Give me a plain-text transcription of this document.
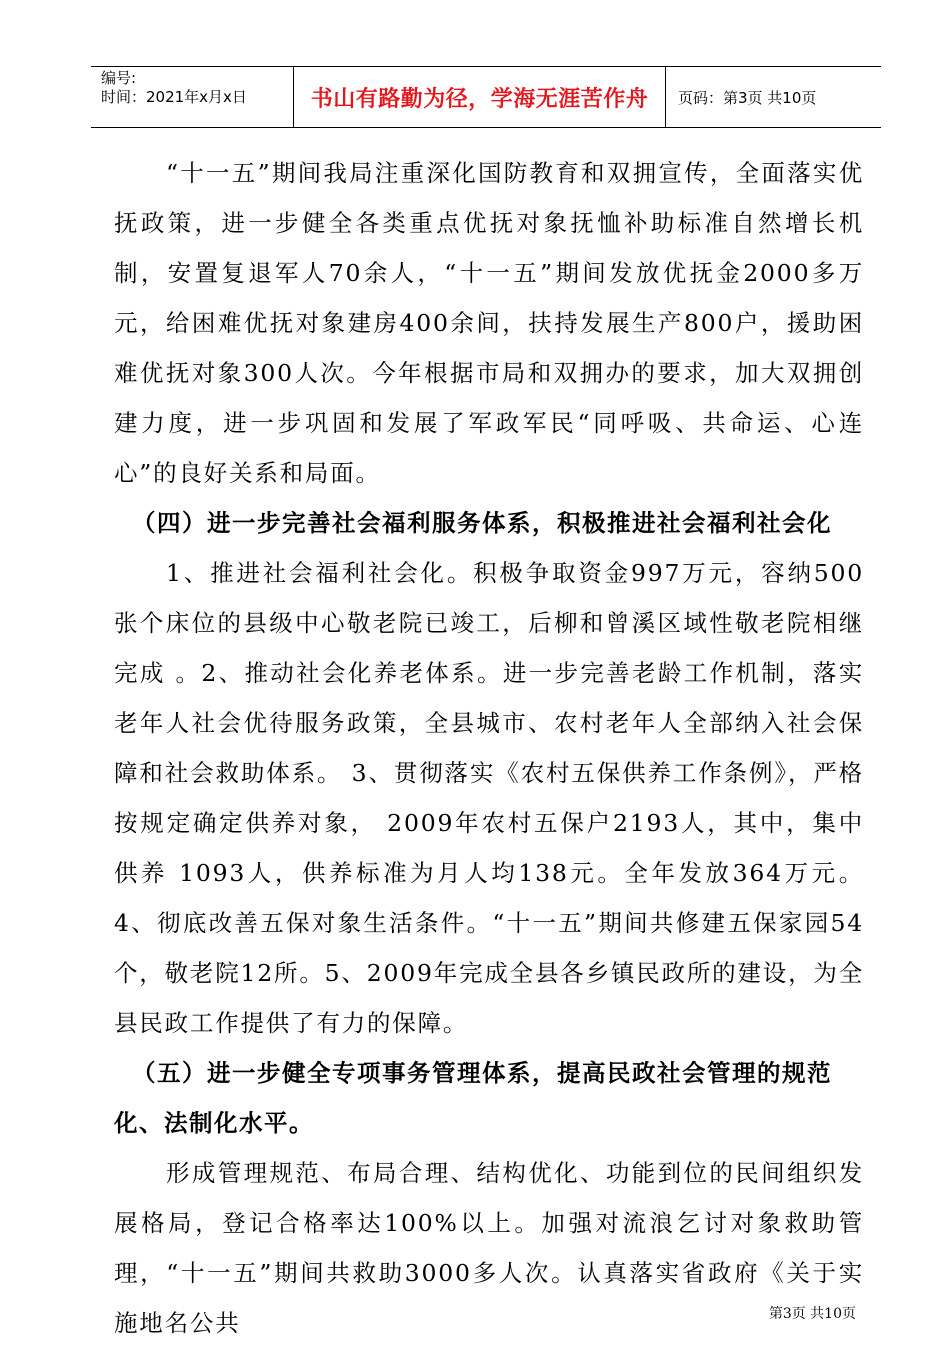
编号:
时间：2021年x月x日	书山有路勤为径，学海无涯苦作舟 页码：第3页 共10页

“十一五”期间我局注重深化国防教育和双拥宣传，全面落实优抚政策，进一步健全各类重点优抚对象抚恤补助标准自然增长机制，安置复退军人70余人，“十一五”期间发放优抚金2000多万元，给困难优抚对象建房400余间，扶持发展生产800户，援助困难优抚对象300人次。今年根据市局和双拥办的要求，加大双拥创建力度，进一步巩固和发展了军政军民“同呼吸、共命运、心连心”的良好关系和局面。

（四）进一步完善社会福利服务体系，积极推进社会福利社会化

1、推进社会福利社会化。积极争取资金997万元，容纳500张个床位的县级中心敬老院已竣工，后柳和曾溪区域性敬老院相继完成 。2、推动社会化养老体系。进一步完善老龄工作机制，落实老年人社会优待服务政策，全县城市、农村老年人全部纳入社会保障和社会救助体系。 3、贯彻落实《农村五保供养工作条例》，严格按规定确定供养对象， 2009年农村五保户2193人，其中，集中供养 1093人，供养标准为月人均138元。全年发放364万元。4、彻底改善五保对象生活条件。“十一五”期间共修建五保家园54个，敬老院12所。5、2009年完成全县各乡镇民政所的建设，为全县民政工作提供了有力的保障。

（五）进一步健全专项事务管理体系，提高民政社会管理的规范化、法制化水平。

形成管理规范、布局合理、结构优化、功能到位的民间组织发展格局，登记合格率达100%以上。加强对流浪乞讨对象救助管理，“十一五”期间共救助3000多人次。认真落实省政府《关于实施地名公共	第3页 共10页
